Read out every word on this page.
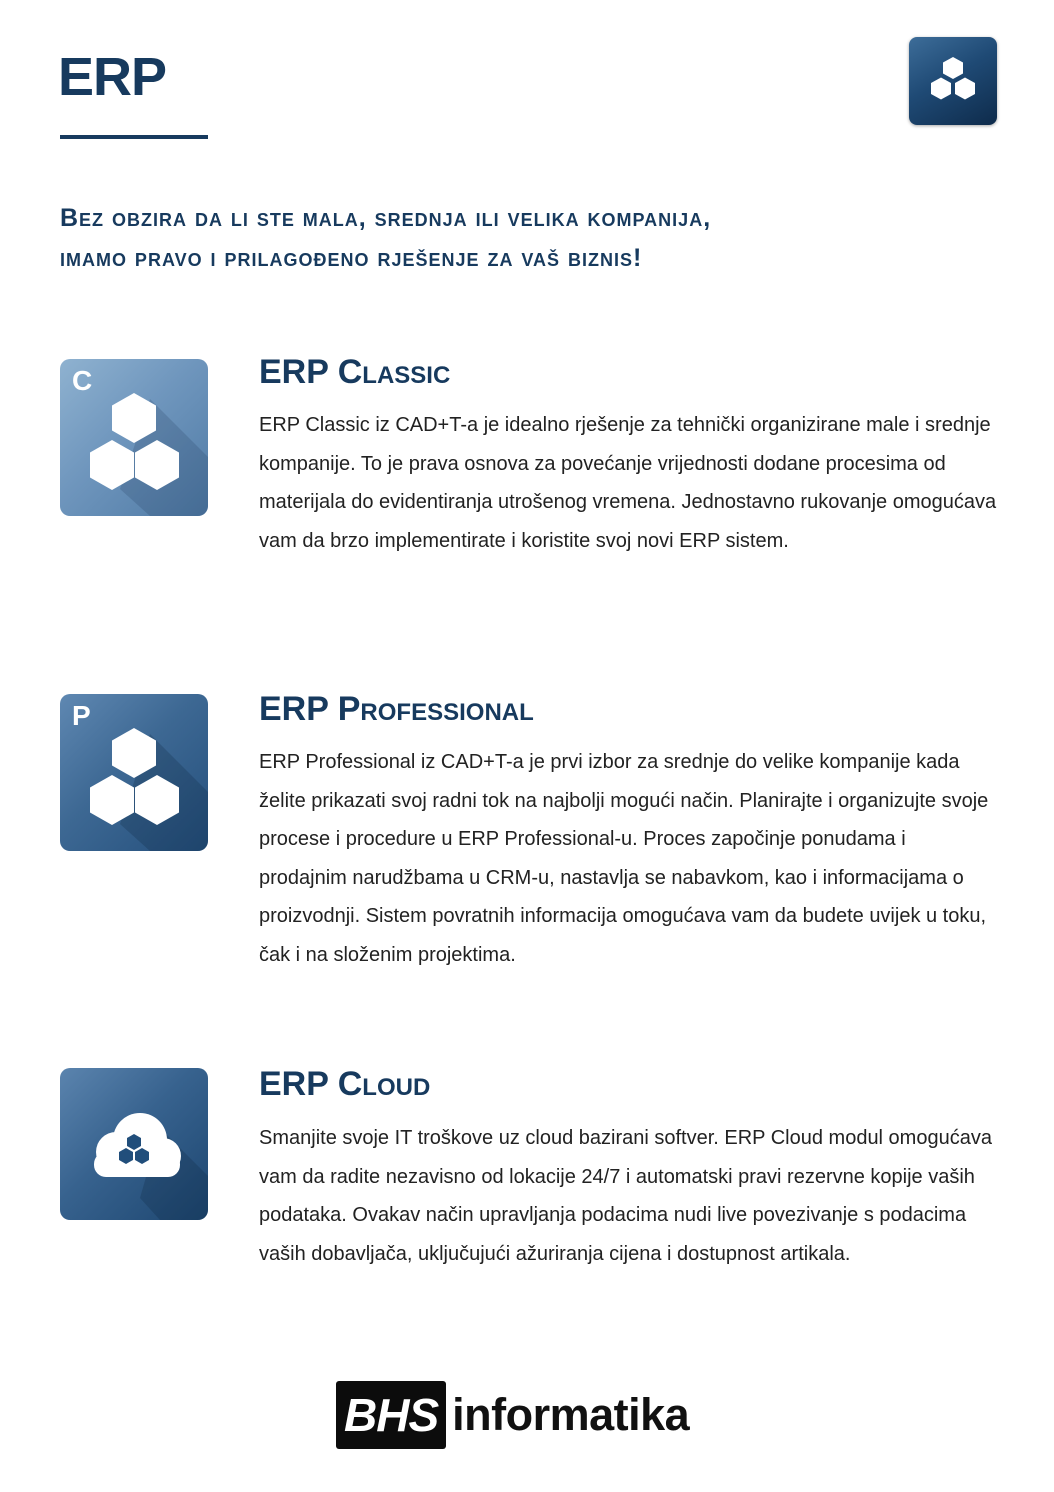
ERP
Bez obzira da li ste mala, srednja ili velika kompanija,
imamo pravo i prilagođeno rješenje za vaš biznis!
C	ERP Classic

ERP Classic iz CAD+T-a je idealno rješenje za tehnički organizirane male i srednje kompanije. To je prava osnova za povećanje vrijednosti dodane procesima od materijala do evidentiranja utrošenog vremena. Jednostavno rukovanje omogućava vam da brzo implementirate i koristite svoj novi ERP sistem.

P	ERP Professional

ERP Professional iz CAD+T-a je prvi izbor za srednje do velike kompanije kada želite prikazati svoj radni tok na najbolji mogući način. Planirajte i organizujte svoje procese i procedure u ERP Professional-u. Proces započinje ponudama i prodajnim narudžbama u CRM-u, nastavlja se nabavkom, kao i informacijama o proizvodnji. Sistem povratnih informacija omogućava vam da budete uvijek u toku, čak i na složenim projektima.

ERP Cloud

Smanjite svoje IT troškove uz cloud bazirani softver. ERP Cloud modul omogućava vam da radite nezavisno od lokacije 24/7 i automatski pravi rezervne kopije vaših podataka. Ovakav način upravljanja podacima nudi live povezivanje s podacima vaših dobavljača, uključujući ažuriranja cijena i dostupnost artikala.

BHS informatika
